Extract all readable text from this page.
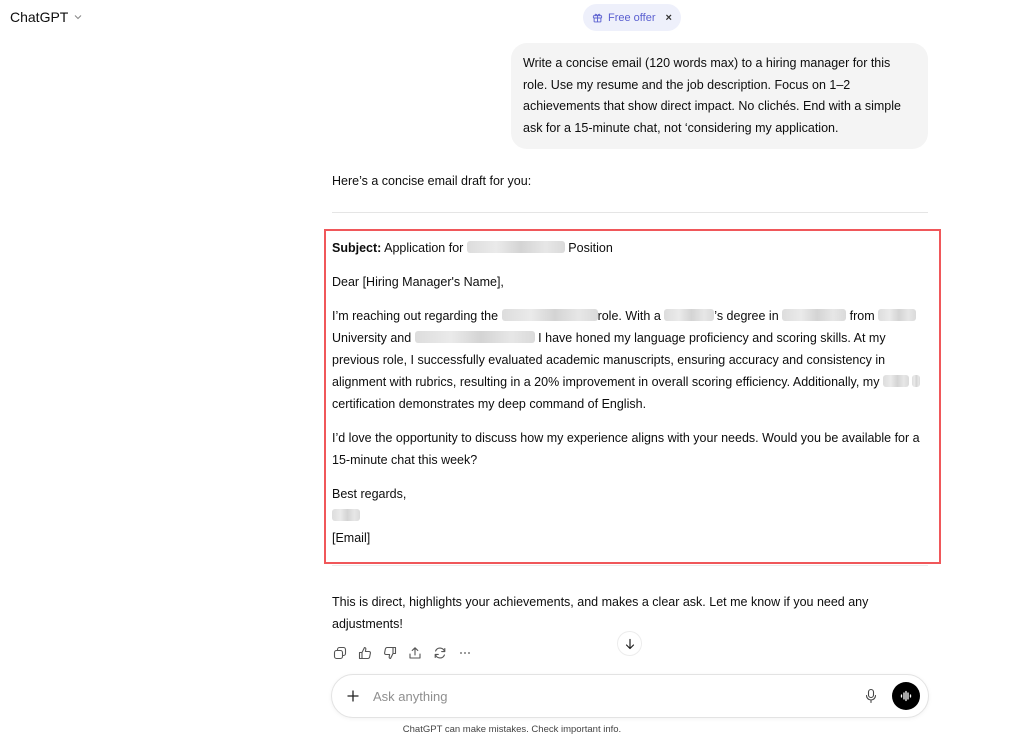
ChatGPT	Free offer ×
Write a concise email (120 words max) to a hiring manager for this role. Use my resume and the job description. Focus on 1–2 achievements that show direct impact. No clichés. End with a simple ask for a 15-minute chat, not ‘considering my application.
Here’s a concise email draft for you:

Subject: Application for	Position

Dear [Hiring Manager's Name],

I’m reaching out regarding the	role. With a	’s degree in	from  University and	I have honed my language proficiency and scoring skills. At my previous role, I successfully evaluated academic manuscripts, ensuring accuracy and consistency in alignment with rubrics, resulting in a 20% improvement in overall scoring efficiency. Additionally, my  certification demonstrates my deep command of English.

I’d love the opportunity to discuss how my experience aligns with your needs. Would you be available for a 15-minute chat this week?

Best regards,

[Email]

This is direct, highlights your achievements, and makes a clear ask. Let me know if you need any adjustments!
Ask anything
ChatGPT can make mistakes. Check important info.
